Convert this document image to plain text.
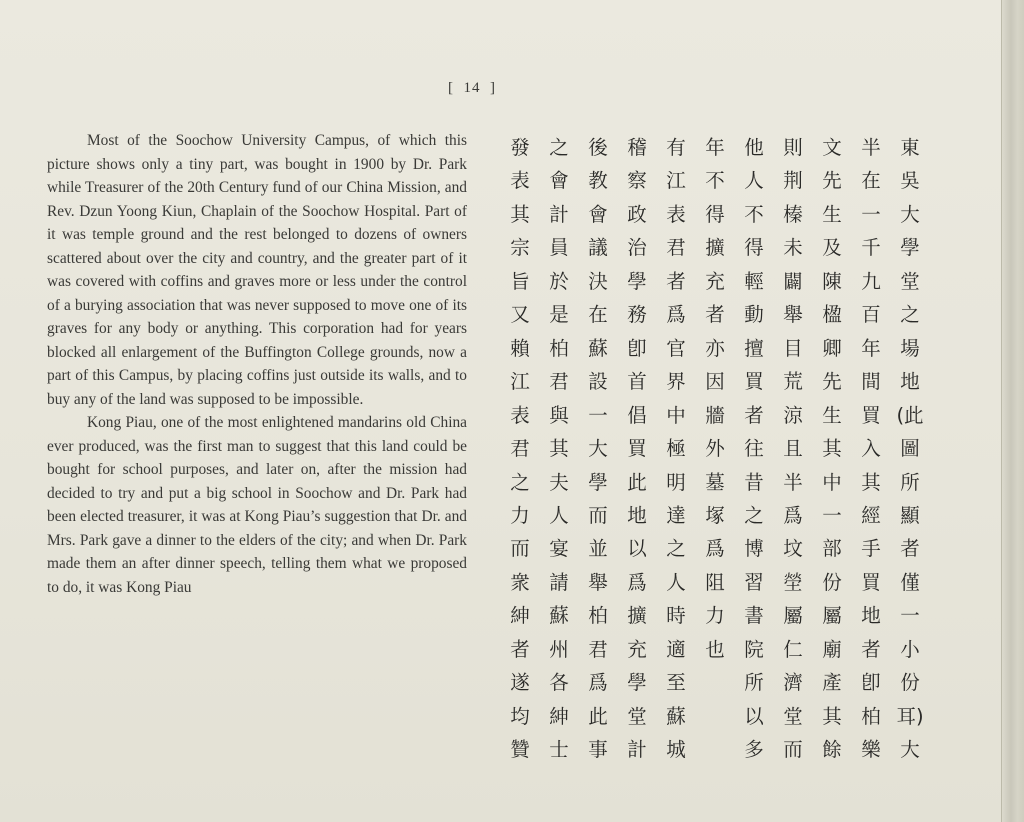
[  14  ]

Most of the Soochow University Campus, of which this picture shows only a tiny part, was bought in 1900 by Dr. Park while Treasurer of the 20th Century fund of our China Mission, and Rev. Dzun Yoong Kiun, Chaplain of the Soochow Hospital. Part of it was temple ground and the rest belonged to dozens of owners scattered about over the city and country, and the greater part of it was covered with coffins and graves more or less under the control of a burying association that was never supposed to move one of its graves for any body or anything. This corporation had for years blocked all enlargement of the Buffington College grounds, now a part of this Campus, by placing coffins just outside its walls, and to buy any of the land was supposed to be impossible.

Kong Piau, one of the most enlightened mandarins old China ever produced, was the first man to suggest that this land could be bought for school purposes, and later on, after the mission had decided to try and put a big school in Soochow and Dr. Park had been elected treasurer, it was at Kong Piau’s suggestion that Dr. and Mrs. Park gave a dinner to the elders of the city; and when Dr. Park made them an after dinner speech, telling them what we proposed to do, it was Kong Piau

東吳大學堂之場地(此圖所顯者僅一小份耳)大
半在一千九百年間買入其經手買地者卽柏樂
文先生及陳楹卿先生其中一部份屬廟產其餘
則荆榛未闢舉目荒涼且半爲坟塋屬仁濟堂而
他人不得輕動擅買者往昔之博習書院所以多
年不得擴充者亦因牆外墓塚爲阻力也
有江表君者爲官界中極明達之人時適至蘇城
稽察政治學務卽首倡買此地以爲擴充學堂計
後教會議決在蘇設一大學而並舉柏君爲此事
之會計員於是柏君與其夫人宴請蘇州各紳士
發表其宗旨又賴江表君之力而衆紳者遂均贊
